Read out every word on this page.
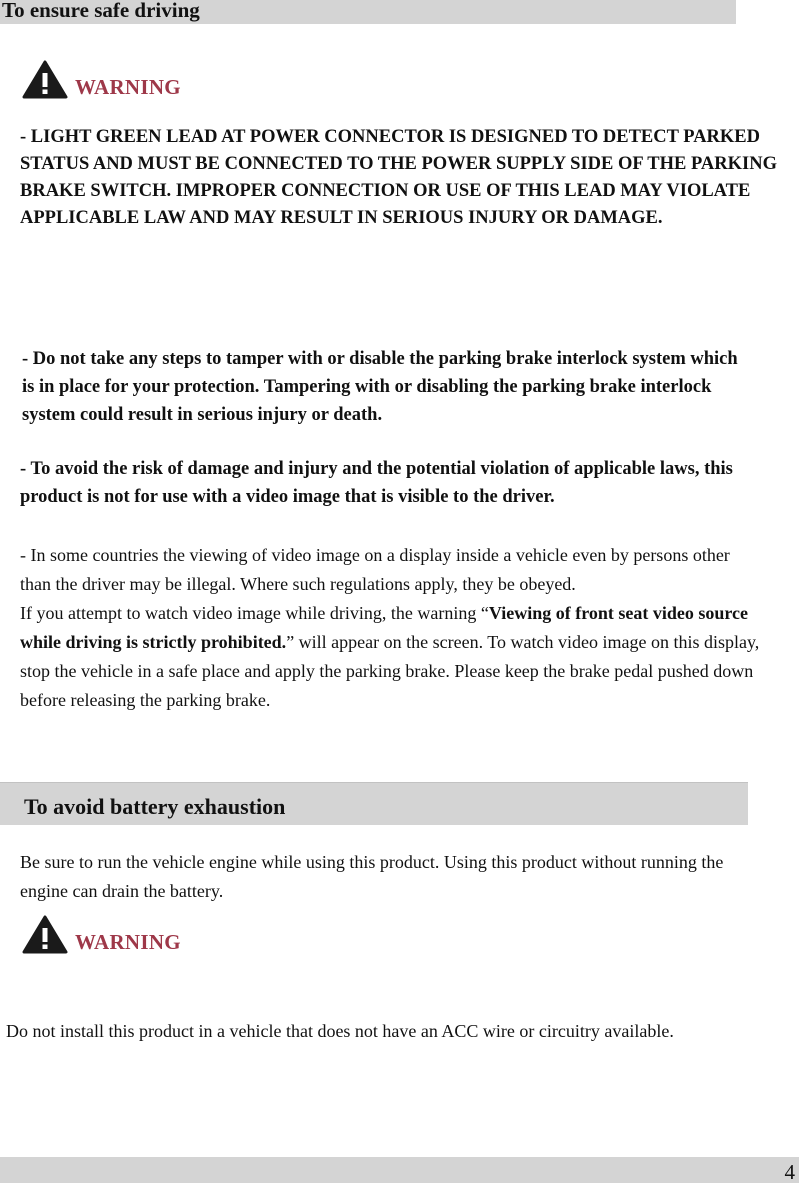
To ensure safe driving
WARNING

- LIGHT GREEN LEAD AT POWER CONNECTOR IS DESIGNED TO DETECT PARKED STATUS AND MUST BE CONNECTED TO THE POWER SUPPLY SIDE OF THE PARKING BRAKE SWITCH. IMPROPER CONNECTION OR USE OF THIS LEAD MAY VIOLATE APPLICABLE LAW AND MAY RESULT IN SERIOUS INJURY OR DAMAGE.

- Do not take any steps to tamper with or disable the parking brake interlock system which is in place for your protection. Tampering with or disabling the parking brake interlock system could result in serious injury or death.

- To avoid the risk of damage and injury and the potential violation of applicable laws, this product is not for use with a video image that is visible to the driver.

- In some countries the viewing of video image on a display inside a vehicle even by persons other than the driver may be illegal. Where such regulations apply, they be obeyed.
If you attempt to watch video image while driving, the warning “Viewing of front seat video source while driving is strictly prohibited.” will appear on the screen. To watch video image on this display, stop the vehicle in a safe place and apply the parking brake. Please keep the brake pedal pushed down before releasing the parking brake.
To avoid battery exhaustion

Be sure to run the vehicle engine while using this product. Using this product without running the engine can drain the battery.

WARNING

Do not install this product in a vehicle that does not have an ACC wire or circuitry available.

4
